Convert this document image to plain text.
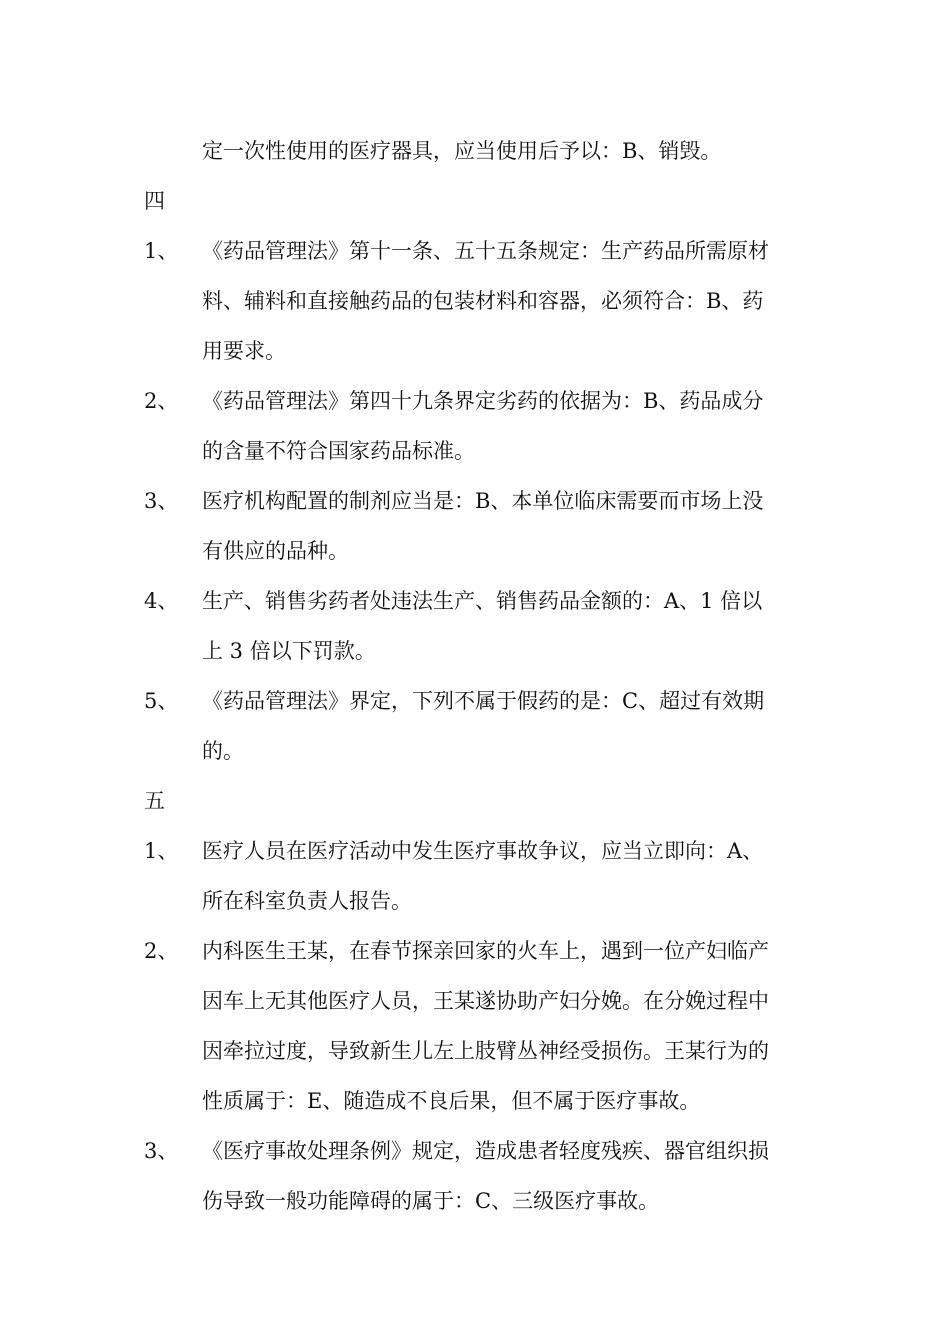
定一次性使用的医疗器具，应当使用后予以：B、销毁。
四
1、	《药品管理法》第十一条、五十五条规定：生产药品所需原材
料、辅料和直接触药品的包装材料和容器，必须符合：B、药
用要求。
2、	《药品管理法》第四十九条界定劣药的依据为：B、药品成分
的含量不符合国家药品标准。
3、	医疗机构配置的制剂应当是：B、本单位临床需要而市场上没
有供应的品种。
4、	生产、销售劣药者处违法生产、销售药品金额的：A、1 倍以
上 3 倍以下罚款。
5、	《药品管理法》界定，下列不属于假药的是：C、超过有效期
的。
五
1、	医疗人员在医疗活动中发生医疗事故争议，应当立即向：A、
所在科室负责人报告。
2、	内科医生王某，在春节探亲回家的火车上，遇到一位产妇临产
因车上无其他医疗人员，王某遂协助产妇分娩。在分娩过程中
因牵拉过度，导致新生儿左上肢臂丛神经受损伤。王某行为的
性质属于：E、随造成不良后果，但不属于医疗事故。
3、	《医疗事故处理条例》规定，造成患者轻度残疾、器官组织损
伤导致一般功能障碍的属于：C、三级医疗事故。
